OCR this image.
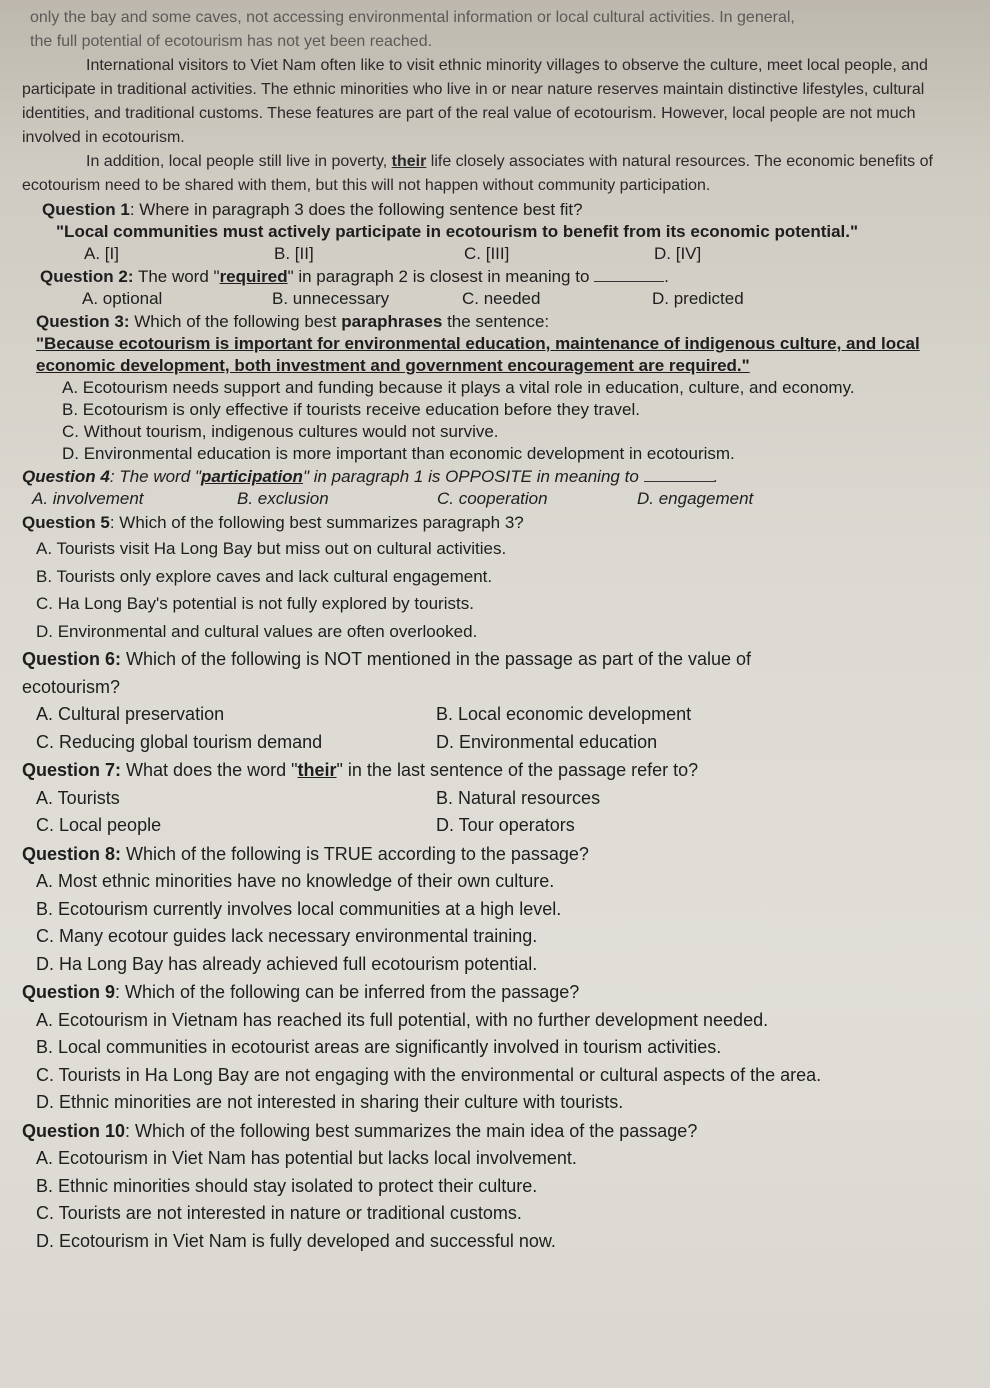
only the bay and some caves, not accessing environmental information or local cultural activities. In general,

the full potential of ecotourism has not yet been reached.

International visitors to Viet Nam often like to visit ethnic minority villages to observe the culture, meet local people, and participate in traditional activities. The ethnic minorities who live in or near nature reserves maintain distinctive lifestyles, cultural identities, and traditional customs. These features are part of the real value of ecotourism. However, local people are not much involved in ecotourism.

In addition, local people still live in poverty, their life closely associates with natural resources. The economic benefits of ecotourism need to be shared with them, but this will not happen without community participation.

Question 1: Where in paragraph 3 does the following sentence best fit?
"Local communities must actively participate in ecotourism to benefit from its economic potential."
A. [I]	B. [II]	C. [III]	D. [IV]
Question 2: The word "required" in paragraph 2 is closest in meaning to	.
A. optional	B. unnecessary	C. needed	D. predicted
Question 3: Which of the following best paraphrases the sentence:
"Because ecotourism is important for environmental education, maintenance of indigenous culture, and local economic development, both investment and government encouragement are required."
A. Ecotourism needs support and funding because it plays a vital role in education, culture, and economy.
B. Ecotourism is only effective if tourists receive education before they travel.
C. Without tourism, indigenous cultures would not survive.
D. Environmental education is more important than economic development in ecotourism.
Question 4: The word "participation" in paragraph 1 is OPPOSITE in meaning to	.
A. involvement	B. exclusion	C. cooperation	D. engagement
Question 5: Which of the following best summarizes paragraph 3?
A. Tourists visit Ha Long Bay but miss out on cultural activities.
B. Tourists only explore caves and lack cultural engagement.
C. Ha Long Bay's potential is not fully explored by tourists.
D. Environmental and cultural values are often overlooked.
Question 6: Which of the following is NOT mentioned in the passage as part of the value of ecotourism?
A. Cultural preservation	B. Local economic development
C. Reducing global tourism demand	D. Environmental education
Question 7: What does the word "their" in the last sentence of the passage refer to?
A. Tourists	B. Natural resources
C. Local people	D. Tour operators
Question 8: Which of the following is TRUE according to the passage?
A. Most ethnic minorities have no knowledge of their own culture.
B. Ecotourism currently involves local communities at a high level.
C. Many ecotour guides lack necessary environmental training.
D. Ha Long Bay has already achieved full ecotourism potential.
Question 9: Which of the following can be inferred from the passage?
A. Ecotourism in Vietnam has reached its full potential, with no further development needed.
B. Local communities in ecotourist areas are significantly involved in tourism activities.
C. Tourists in Ha Long Bay are not engaging with the environmental or cultural aspects of the area.
D. Ethnic minorities are not interested in sharing their culture with tourists.
Question 10: Which of the following best summarizes the main idea of the passage?
A. Ecotourism in Viet Nam has potential but lacks local involvement.
B. Ethnic minorities should stay isolated to protect their culture.
C. Tourists are not interested in nature or traditional customs.
D. Ecotourism in Viet Nam is fully developed and successful now.
